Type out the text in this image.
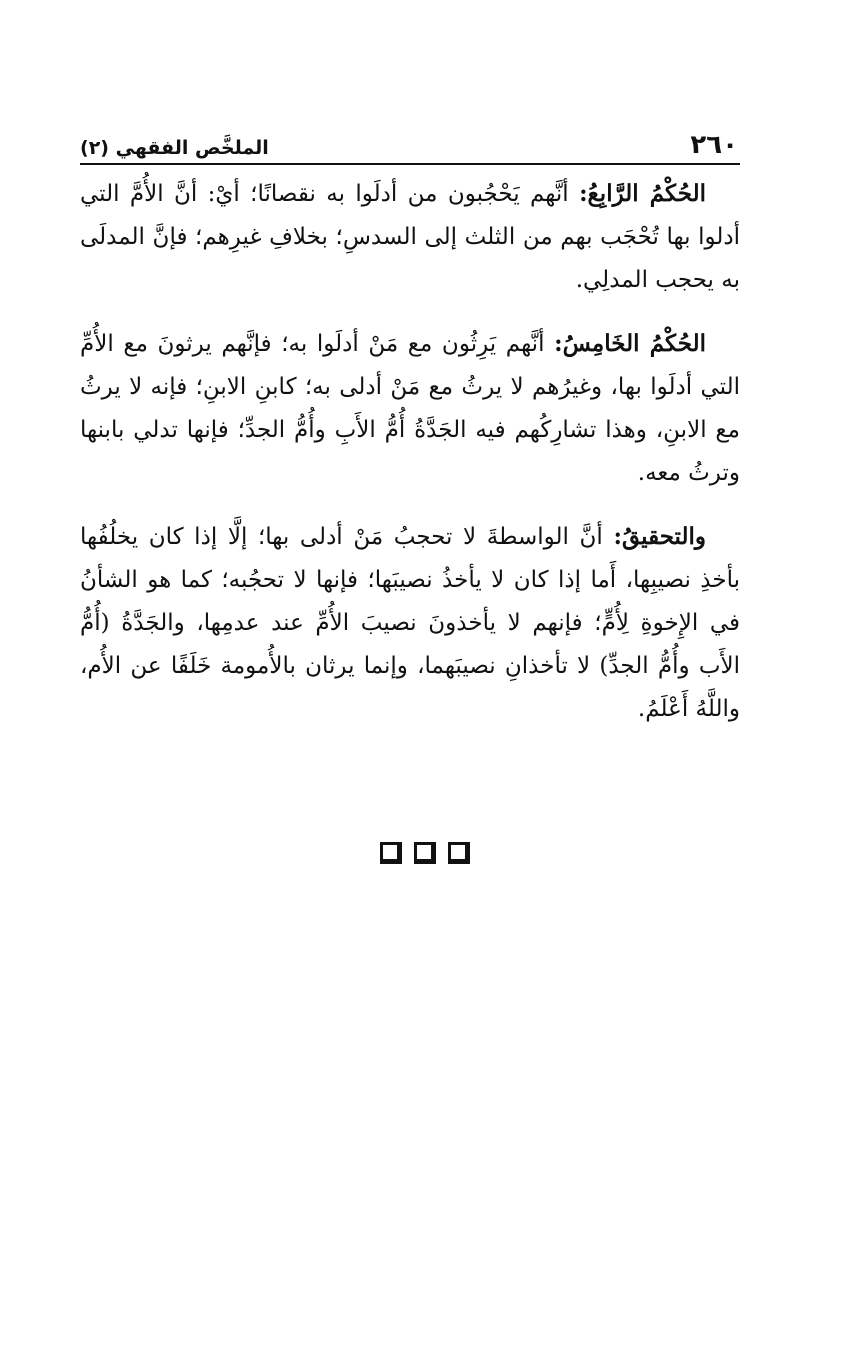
٢٦٠
الملخَّص الفقهي (٢)

الحُكْمُ الرَّابِعُ: أنَّهم يَحْجُبون من أدلَوا به نقصانًا؛ أيْ: أنَّ الأُمَّ التي أدلوا بها تُحْجَب بهم من الثلث إلى السدسِ؛ بخلافِ غيرِهم؛ فإنَّ المدلَى به يحجب المدلِي.

الحُكْمُ الخَامِسُ: أنَّهم يَرِثُون مع مَنْ أدلَوا به؛ فإنَّهم يرثونَ مع الأُمِّ التي أدلَوا بها، وغيرُهم لا يرثُ مع مَنْ أدلى به؛ كابنِ الابنِ؛ فإنه لا يرثُ مع الابنِ، وهذا تشارِكُهم فيه الجَدَّةُ أُمُّ الأَبِ وأُمُّ الجدِّ؛ فإنها تدلي بابنها وترثُ معه.

والتحقيقُ: أنَّ الواسطةَ لا تحجبُ مَنْ أدلى بها؛ إلَّا إذا كان يخلُفُها بأخذِ نصيبِها، أَما إذا كان لا يأخذُ نصيبَها؛ فإنها لا تحجُبه؛ كما هو الشأنُ في الإِخوةِ لِأُمٍّ؛ فإنهم لا يأخذونَ نصيبَ الأُمِّ عند عدمِها، والجَدَّةُ (أُمُّ الأَب وأُمُّ الجدِّ) لا تأخذانِ نصيبَهما، وإنما يرثان بالأُمومة خَلَفًا عن الأُم، واللَّهُ أَعْلَمُ.
